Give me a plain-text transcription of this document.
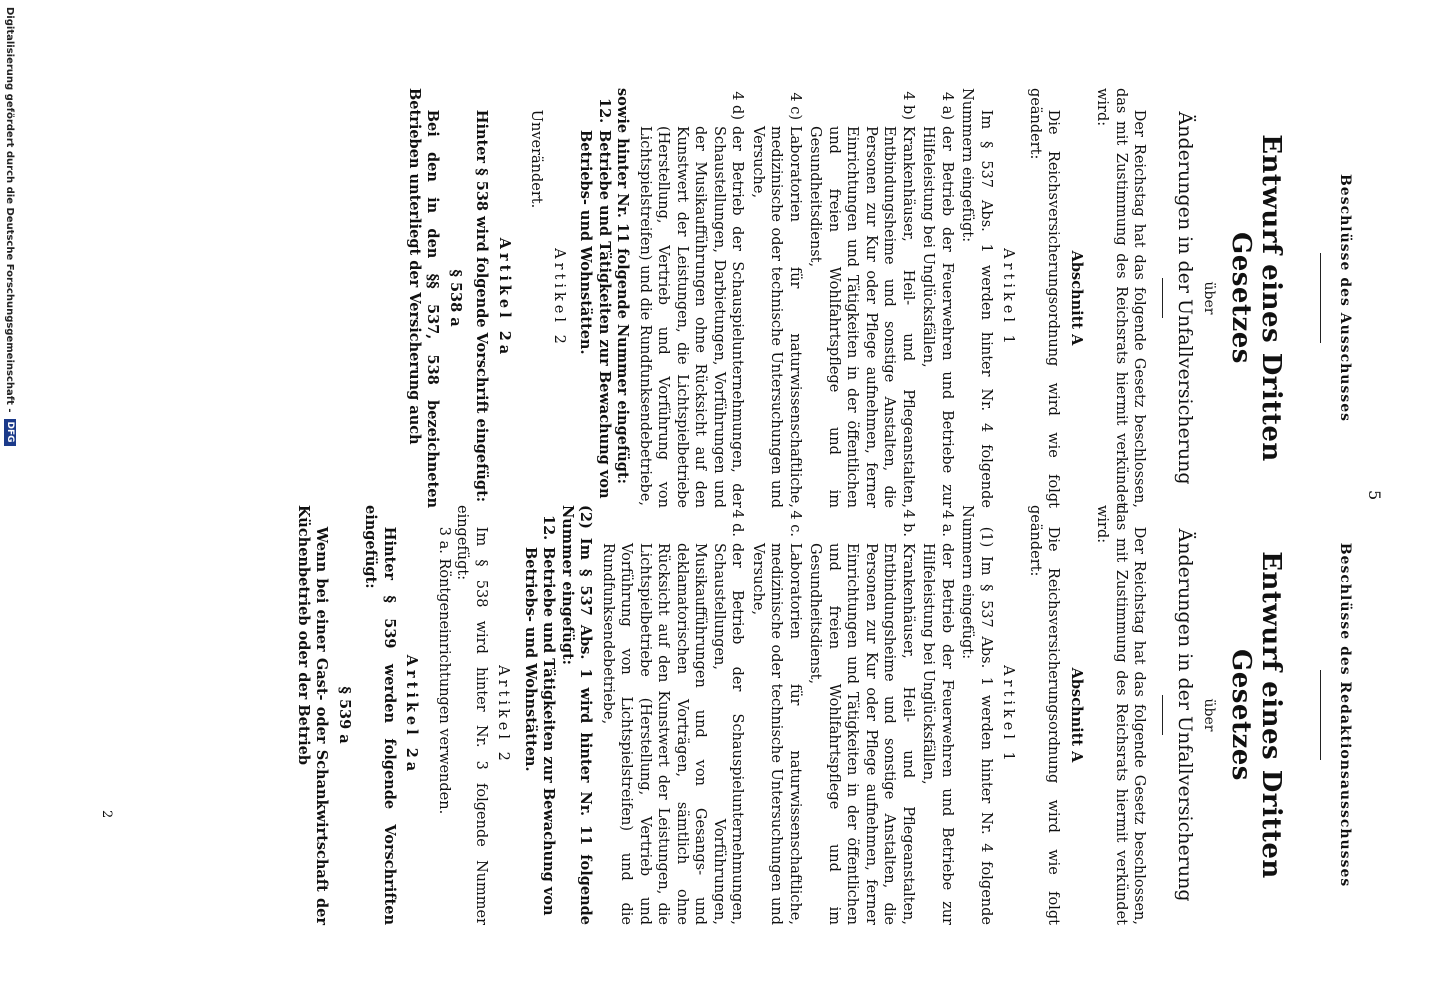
5
Beschlüsse des Ausschusses
Entwurf eines Dritten Gesetzes
über
Änderungen in der Unfallversicherung

Der Reichstag hat das folgende Gesetz beschlossen, das mit Zustimmung des Reichsrats hiermit verkündet wird:

Abschnitt A

Die Reichsversicherungsordnung wird wie folgt geändert:

Artikel 1

Im § 537 Abs. 1 werden hinter Nr. 4 folgende Nummern eingefügt:

4 a)
der Betrieb der Feuerwehren und Betriebe zur Hilfeleistung bei Unglücksfällen,
4 b)
Krankenhäuser, Heil- und Pflegeanstalten, Entbindungsheime und sonstige Anstalten, die Personen zur Kur oder Pflege aufnehmen, ferner Einrichtungen und Tätigkeiten in der öffentlichen und freien Wohlfahrtspflege und im Gesundheitsdienst,
4 c)
Laboratorien für naturwissenschaftliche, medizinische oder technische Untersuchungen und Versuche,
4 d)
der Betrieb der Schauspielunternehmungen, der Schaustellungen, Darbietungen, Vorführungen und der Musikaufführungen ohne Rücksicht auf den Kunstwert der Leistungen, die Lichtspielbetriebe (Herstellung, Vertrieb und Vorführung von Lichtspielstreifen) und die Rundfunksendebetriebe,

sowie hinter Nr. 11 folgende Nummer eingefügt:

12.
Betriebe und Tätigkeiten zur Bewachung von Betriebs- und Wohnstätten.
Artikel 2

Unverändert.

Artikel 2a

Hinter § 538 wird folgende Vorschrift eingefügt:

§ 538 a

Bei den in den §§ 537, 538 bezeichneten Betrieben unterliegt der Versicherung auch

Beschlüsse des Redaktionsausschusses
Entwurf eines Dritten Gesetzes
über
Änderungen in der Unfallversicherung

Der Reichstag hat das folgende Gesetz beschlossen, das mit Zustimmung des Reichsrats hiermit verkündet wird:

Abschnitt A

Die Reichsversicherungsordnung wird wie folgt geändert:

Artikel 1

(1) Im § 537 Abs. 1 werden hinter Nr. 4 folgende Nummern eingefügt:

4 a.
der Betrieb der Feuerwehren und Betriebe zur Hilfeleistung bei Unglücksfällen,
4 b.
Krankenhäuser, Heil- und Pflegeanstalten, Entbindungsheime und sonstige Anstalten, die Personen zur Kur oder Pflege aufnehmen, ferner Einrichtungen und Tätigkeiten in der öffentlichen und freien Wohlfahrtspflege und im Gesundheitsdienst,
4 c.
Laboratorien für naturwissenschaftliche, medizinische oder technische Untersuchungen und Versuche,
4 d.
der Betrieb der Schauspielunternehmungen, Schaustellungen, Vorführungen, Musikaufführungen und von Gesangs- und deklamatorischen Vorträgen, sämtlich ohne Rücksicht auf den Kunstwert der Leistungen, die Lichtspielbetriebe (Herstellung, Vertrieb und Vorführung von Lichtspielstreifen) und die Rundfunksendebetriebe,

(2) Im § 537 Abs. 1 wird hinter Nr. 11 folgende Nummer eingefügt:

12.
Betriebe und Tätigkeiten zur Bewachung von Betriebs- und Wohnstätten.
Artikel 2

Im § 538 wird hinter Nr. 3 folgende Nummer eingefügt:

3 a. Röntgeneinrichtungen verwenden.

Artikel 2a

Hinter § 539 werden folgende Vorschriften eingefügt:

§ 539 a

Wenn bei einer Gast- oder Schankwirtschaft der Küchenbetrieb oder der Betrieb

2
Digitalisierung gefördert durch die Deutsche Forschungsgemeinschaft -
DFG
